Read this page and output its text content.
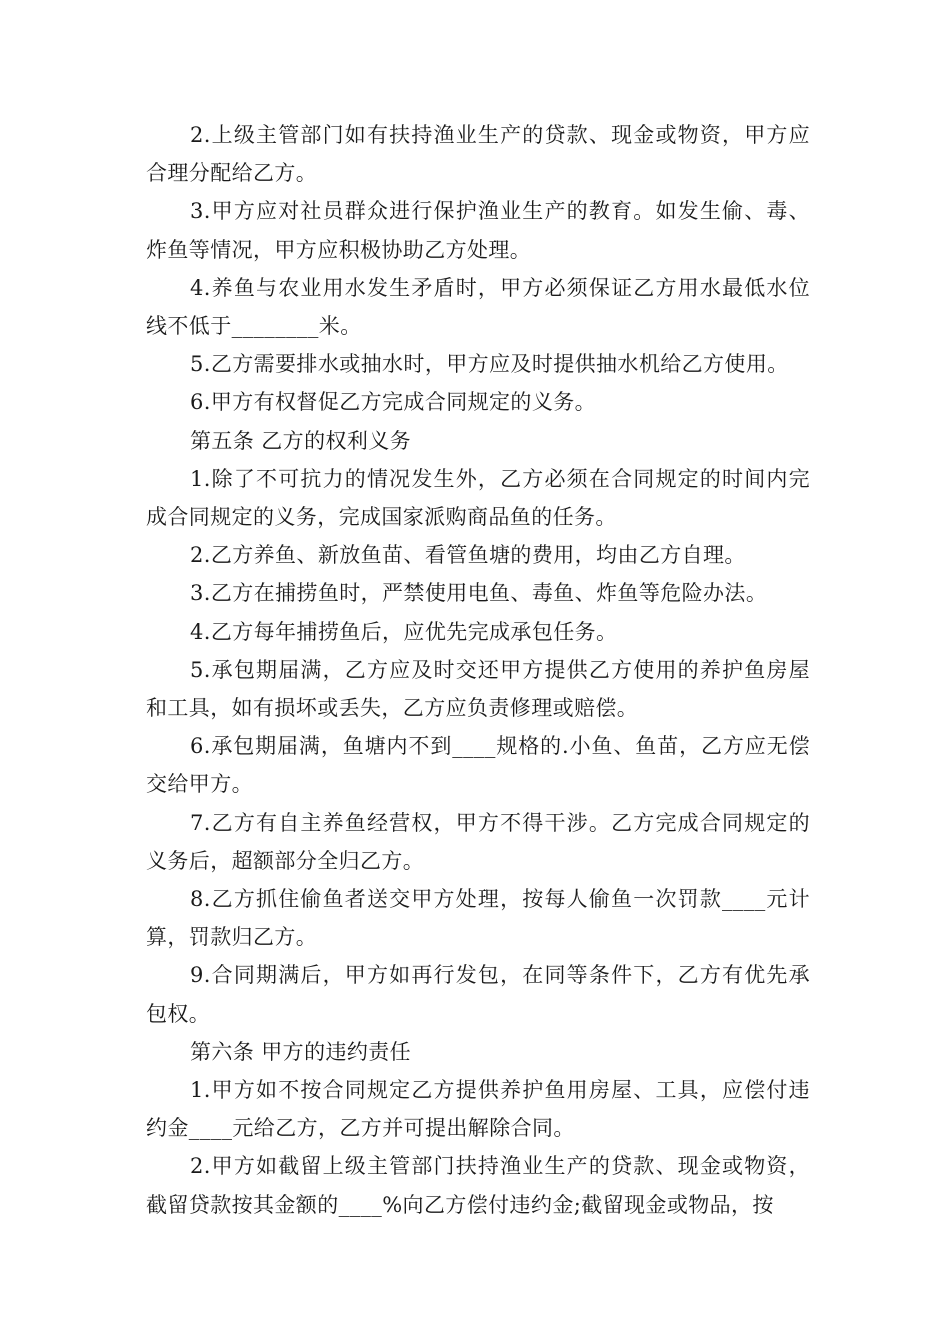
2.上级主管部门如有扶持渔业生产的贷款、现金或物资，甲方应合理分配给乙方。

3.甲方应对社员群众进行保护渔业生产的教育。如发生偷、毒、炸鱼等情况，甲方应积极协助乙方处理。

4.养鱼与农业用水发生矛盾时，甲方必须保证乙方用水最低水位线不低于________米。

5.乙方需要排水或抽水时，甲方应及时提供抽水机给乙方使用。

6.甲方有权督促乙方完成合同规定的义务。

第五条 乙方的权利义务

1.除了不可抗力的情况发生外，乙方必须在合同规定的时间内完成合同规定的义务，完成国家派购商品鱼的任务。

2.乙方养鱼、新放鱼苗、看管鱼塘的费用，均由乙方自理。

3.乙方在捕捞鱼时，严禁使用电鱼、毒鱼、炸鱼等危险办法。

4.乙方每年捕捞鱼后，应优先完成承包任务。

5.承包期届满，乙方应及时交还甲方提供乙方使用的养护鱼房屋和工具，如有损坏或丢失，乙方应负责修理或赔偿。

6.承包期届满，鱼塘内不到____规格的.小鱼、鱼苗，乙方应无偿交给甲方。

7.乙方有自主养鱼经营权，甲方不得干涉。乙方完成合同规定的义务后，超额部分全归乙方。

8.乙方抓住偷鱼者送交甲方处理，按每人偷鱼一次罚款____元计算，罚款归乙方。

9.合同期满后，甲方如再行发包，在同等条件下，乙方有优先承包权。

第六条 甲方的违约责任

1.甲方如不按合同规定乙方提供养护鱼用房屋、工具，应偿付违约金____元给乙方，乙方并可提出解除合同。

2.甲方如截留上级主管部门扶持渔业生产的贷款、现金或物资，截留贷款按其金额的____%向乙方偿付违约金;截留现金或物品，按
